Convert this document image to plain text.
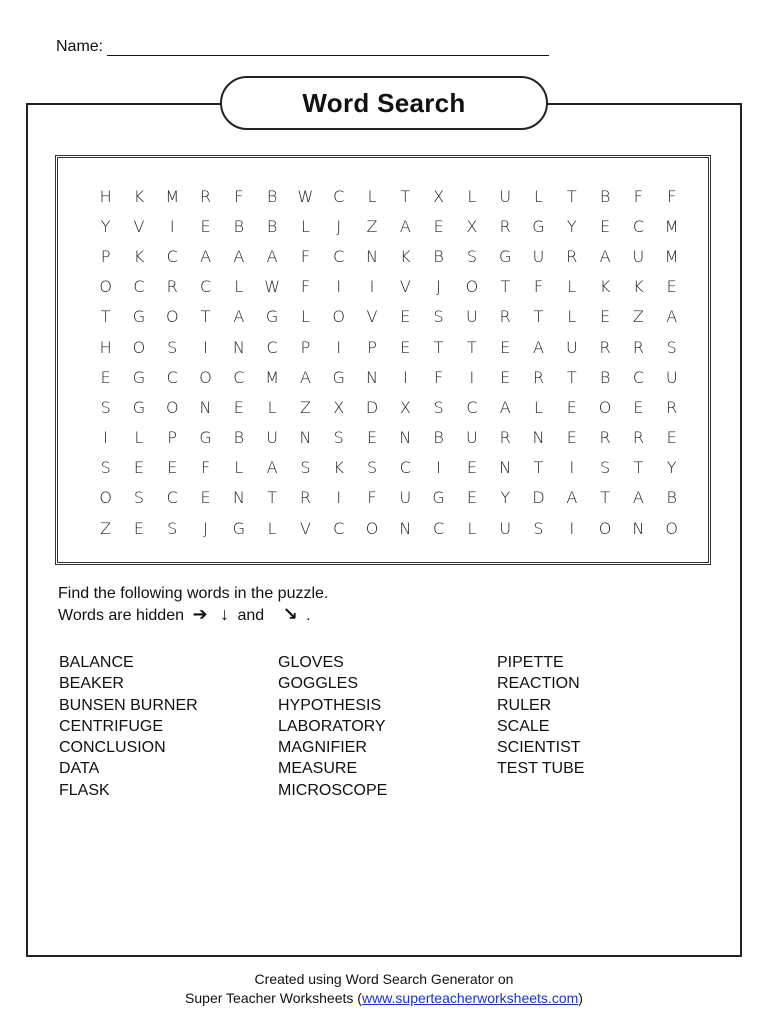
Name:
Word Search
H	K	M	R	F	B	W	C	L	T	X	L	U	L	T	B	F	F
Y	V	I	E	B	B	L	J	Z	A	E	X	R	G	Y	E	C	M
P	K	C	A	A	A	F	C	N	K	B	S	G	U	R	A	U	M
O	C	R	C	L	W	F	I	I	V	J	O	T	F	L	K	K	E
T	G	O	T	A	G	L	O	V	E	S	U	R	T	L	E	Z	A
H	O	S	I	N	C	P	I	P	E	T	T	E	A	U	R	R	S
E	G	C	O	C	M	A	G	N	I	F	I	E	R	T	B	C	U
S	G	O	N	E	L	Z	X	D	X	S	C	A	L	E	O	E	R
I	L	P	G	B	U	N	S	E	N	B	U	R	N	E	R	R	E
S	E	E	F	L	A	S	K	S	C	I	E	N	T	I	S	T	Y
O	S	C	E	N	T	R	I	F	U	G	E	Y	D	A	T	A	B
Z	E	S	J	G	L	V	C	O	N	C	L	U	S	I	O	N	O
Find the following words in the puzzle.
Words are hidden ➔ ↓ and ↘ .
BALANCE
BEAKER
BUNSEN BURNER
CENTRIFUGE
CONCLUSION
DATA
FLASK
GLOVES
GOGGLES
HYPOTHESIS
LABORATORY
MAGNIFIER
MEASURE
MICROSCOPE
PIPETTE
REACTION
RULER
SCALE
SCIENTIST
TEST TUBE
Created using Word Search Generator on
Super Teacher Worksheets (www.superteacherworksheets.com)
